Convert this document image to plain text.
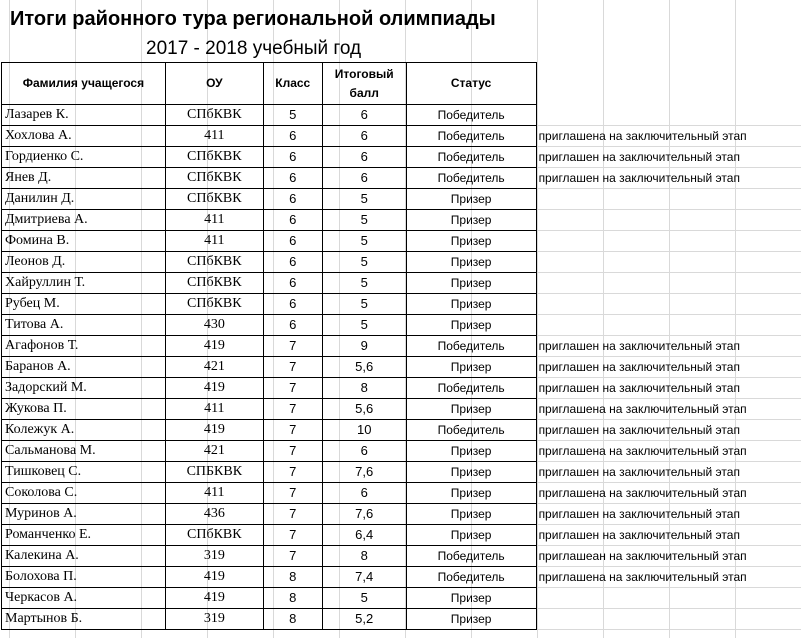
Итоги районного тура региональной олимпиады
2017 - 2018 учебный год
Фамилия учащегося	ОУ	Класс	Итоговый балл	Статус	
Лазарев К.	СПбКВК	5	6	Победитель	
Хохлова А.	411	6	6	Победитель	приглашена на заключительный этап
Гордиенко С.	СПбКВК	6	6	Победитель	приглашен на заключительный этап
Янев Д.	СПбКВК	6	6	Победитель	приглашен на заключительный этап
Данилин Д.	СПбКВК	6	5	Призер	
Дмитриева А.	411	6	5	Призер	
Фомина В.	411	6	5	Призер	
Леонов Д.	СПбКВК	6	5	Призер	
Хайруллин Т.	СПбКВК	6	5	Призер	
Рубец М.	СПбКВК	6	5	Призер	
Титова А.	430	6	5	Призер	
Агафонов Т.	419	7	9	Победитель	приглашен на заключительный этап
Баранов А.	421	7	5,6	Призер	приглашен на заключительный этап
Задорский М.	419	7	8	Победитель	приглашен на заключительный этап
Жукова П.	411	7	5,6	Призер	приглашена на заключительный этап
Колежук А.	419	7	10	Победитель	приглашен на заключительный этап
Сальманова М.	421	7	6	Призер	приглашена на заключительный этап
Тишковец С.	СПБКВК	7	7,6	Призер	приглашен на заключительный этап
Соколова С.	411	7	6	Призер	приглашена на заключительный этап
Муринов А.	436	7	7,6	Призер	приглашен на заключительный этап
Романченко Е.	СПбКВК	7	6,4	Призер	приглашен на заключительный этап
Калекина А.	319	7	8	Победитель	приглашеан на заключительный этап
Болохова П.	419	8	7,4	Победитель	приглашена на заключительный этап
Черкасов А.	419	8	5	Призер	
Мартынов Б.	319	8	5,2	Призер	
